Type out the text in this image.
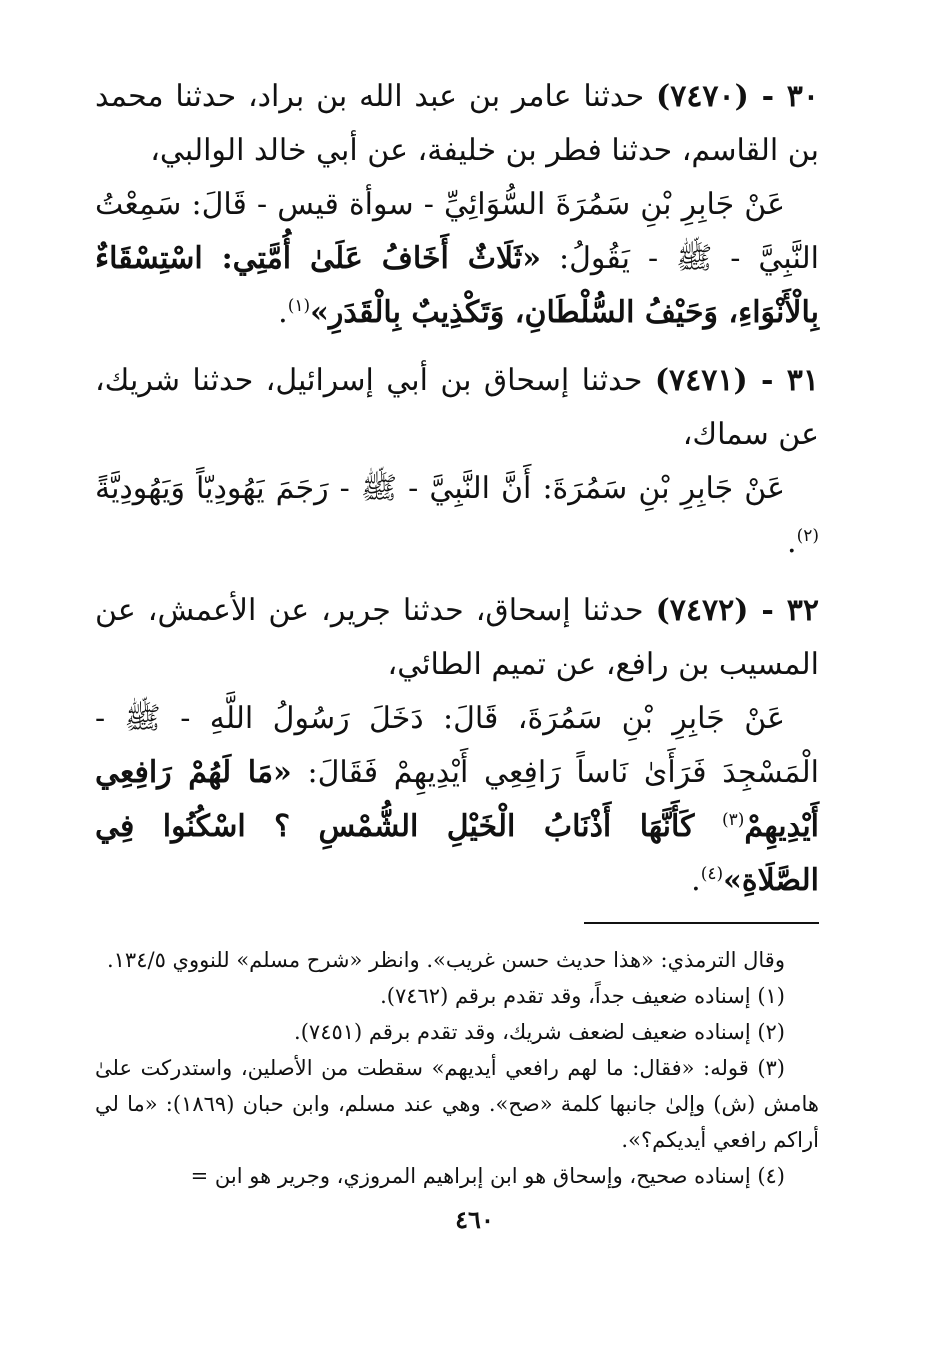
٣٠ - (٧٤٧٠) حدثنا عامر بن عبد الله بن براد، حدثنا محمد بن القاسم، حدثنا فطر بن خليفة، عن أبي خالد الوالبي،

عَنْ جَابِرِ بْنِ سَمُرَةَ السُّوَائِيِّ - سوأة قيس - قَالَ: سَمِعْتُ النَّبِيَّ - ﷺ - يَقُولُ: «ثَلَاثٌ أَخَافُ عَلَىٰ أُمَّتِي: اسْتِسْقَاءٌ بِالْأَنْوَاءِ، وَحَيْفُ السُّلْطَانِ، وَتَكْذِيبٌ بِالْقَدَرِ»$^{(١)}$.

٣١ - (٧٤٧١) حدثنا إسحاق بن أبي إسرائيل، حدثنا شريك، عن سماك،

عَنْ جَابِرِ بْنِ سَمُرَةَ: أَنَّ النَّبِيَّ - ﷺ - رَجَمَ يَهُودِيّاً وَيَهُودِيَّةً $^{(٢)}$.

٣٢ - (٧٤٧٢) حدثنا إسحاق، حدثنا جرير، عن الأعمش، عن المسيب بن رافع، عن تميم الطائي،

عَنْ جَابِرِ بْنِ سَمُرَةَ، قَالَ: دَخَلَ رَسُولُ اللَّهِ - ﷺ - الْمَسْجِدَ فَرَأَىٰ نَاساً رَافِعِي أَيْدِيهِمْ فَقَالَ: «مَا لَهُمْ رَافِعِي أَيْدِيهِمْ$^{(٣)}$ كَأَنَّهَا أَذْنَابُ الْخَيْلِ الشُّمْسِ ؟ اسْكُنُوا فِي الصَّلَاةِ»$^{(٤)}$.

وقال الترمذي: «هذا حديث حسن غريب». وانظر «شرح مسلم» للنووي ١٣٤/٥.

(١) إسناده ضعيف جداً، وقد تقدم برقم (٧٤٦٢).

(٢) إسناده ضعيف لضعف شريك، وقد تقدم برقم (٧٤٥١).

(٣) قوله: «فقال: ما لهم رافعي أيديهم» سقطت من الأصلين، واستدركت علىٰ هامش (ش) وإلىٰ جانبها كلمة «صح». وهي عند مسلم، وابن حبان (١٨٦٩): «ما لي أراكم رافعي أيديكم؟».

(٤) إسناده صحيح، وإسحاق هو ابن إبراهيم المروزي، وجرير هو ابن =

٤٦٠
